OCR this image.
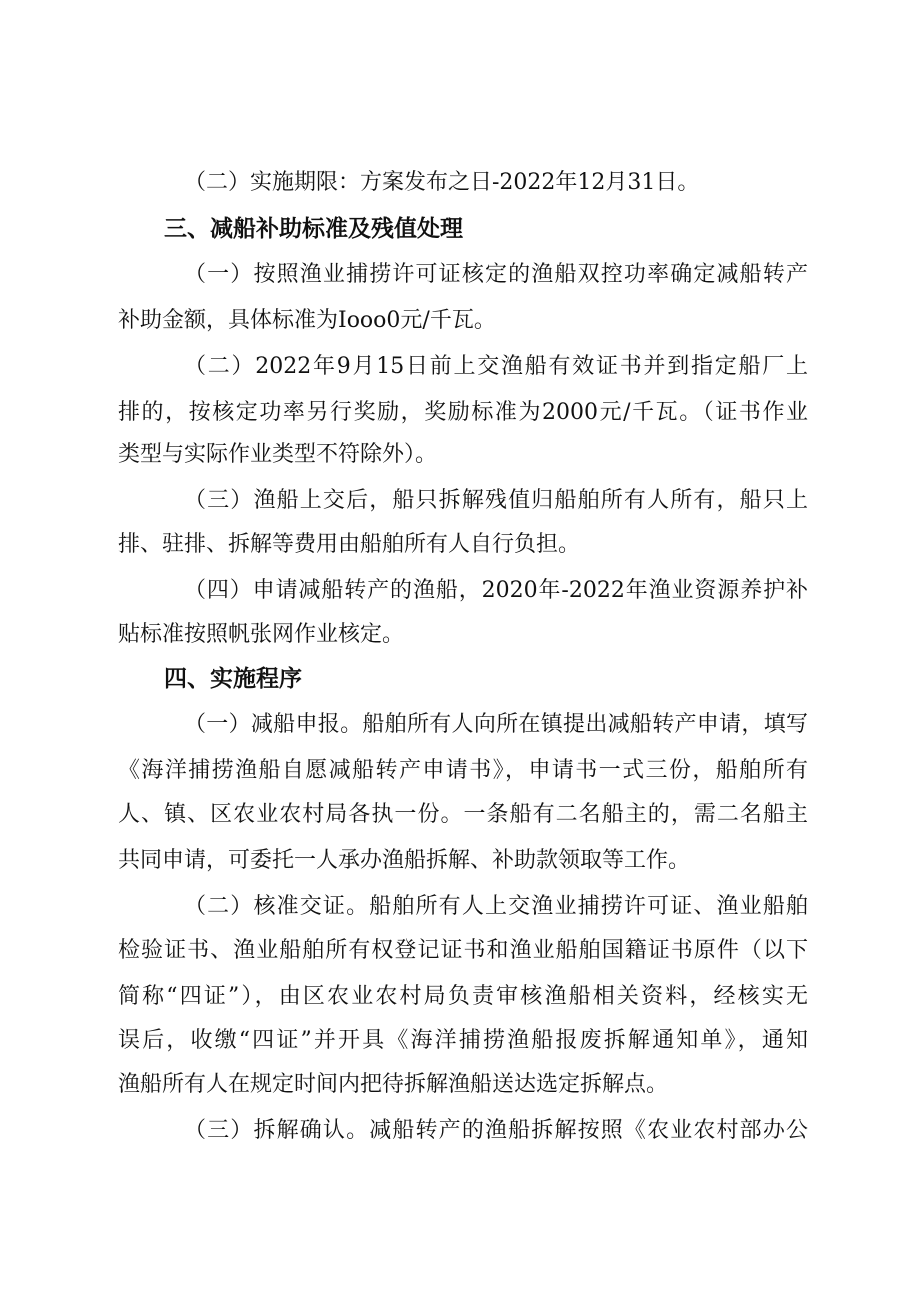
（二）实施期限：方案发布之日-2022年12月31日。
三、减船补助标准及残值处理
（一）按照渔业捕捞许可证核定的渔船双控功率确定减船转产
补助金额，具体标准为Iooo0元/千瓦。
（二）2022年9月15日前上交渔船有效证书并到指定船厂上
排的，按核定功率另行奖励，奖励标准为2000元/千瓦。（证书作业
类型与实际作业类型不符除外）。
（三）渔船上交后，船只拆解残值归船舶所有人所有，船只上
排、驻排、拆解等费用由船舶所有人自行负担。
（四）申请减船转产的渔船，2020年-2022年渔业资源养护补
贴标准按照帆张网作业核定。
四、实施程序
（一）减船申报。船舶所有人向所在镇提出减船转产申请，填写
《海洋捕捞渔船自愿减船转产申请书》，申请书一式三份，船舶所有
人、镇、区农业农村局各执一份。一条船有二名船主的，需二名船主
共同申请，可委托一人承办渔船拆解、补助款领取等工作。
（二）核准交证。船舶所有人上交渔业捕捞许可证、渔业船舶
检验证书、渔业船舶所有权登记证书和渔业船舶国籍证书原件（以下
简称“四证”），由区农业农村局负责审核渔船相关资料，经核实无
误后，收缴“四证”并开具《海洋捕捞渔船报废拆解通知单》，通知
渔船所有人在规定时间内把待拆解渔船送达选定拆解点。
（三）拆解确认。减船转产的渔船拆解按照《农业农村部办公
